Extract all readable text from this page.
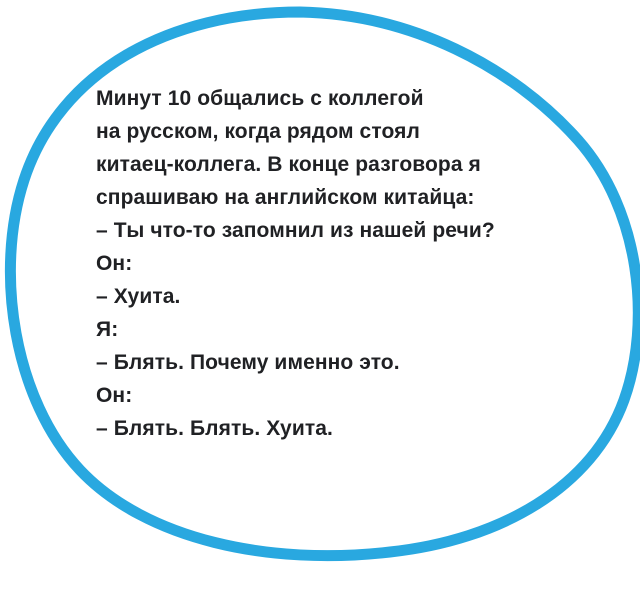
Минут 10 общались с коллегой
на русском, когда рядом стоял
китаец-коллега. В конце разговора я
спрашиваю на английском китайца:
– Ты что-то запомнил из нашей речи?
Он:
– Хуита.
Я:
– Блять. Почему именно это.
Он:
– Блять. Блять. Хуита.
